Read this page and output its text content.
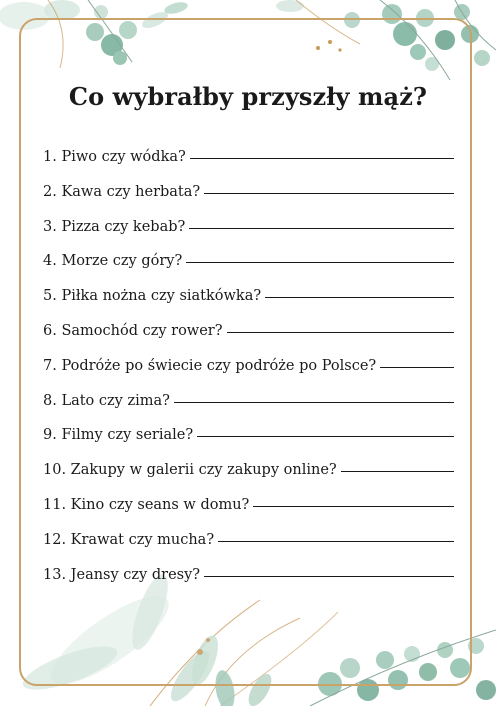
Co wybrałby przyszły mąż?
1. Piwo czy wódka?
2. Kawa czy herbata?
3. Pizza czy kebab?
4. Morze czy góry?
5. Piłka nożna czy siatkówka?
6. Samochód czy rower?
7. Podróże po świecie czy podróże po Polsce?
8. Lato czy zima?
9. Filmy czy seriale?
10. Zakupy w galerii czy zakupy online?
11. Kino czy seans w domu?
12. Krawat czy mucha?
13. Jeansy czy dresy?
